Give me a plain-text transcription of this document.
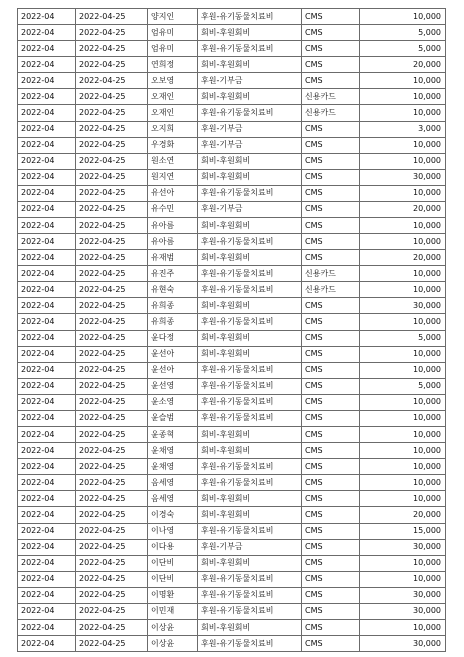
2022-04	2022-04-25	양지인	후원-유기동물치료비	CMS	10,000
2022-04	2022-04-25	엄유미	회비-후원회비	CMS	5,000
2022-04	2022-04-25	엄유미	후원-유기동물치료비	CMS	5,000
2022-04	2022-04-25	연희정	회비-후원회비	CMS	20,000
2022-04	2022-04-25	오보영	후원-기부금	CMS	10,000
2022-04	2022-04-25	오재인	회비-후원회비	신용카드	10,000
2022-04	2022-04-25	오재인	후원-유기동물치료비	신용카드	10,000
2022-04	2022-04-25	오지희	후원-기부금	CMS	3,000
2022-04	2022-04-25	우경화	후원-기부금	CMS	10,000
2022-04	2022-04-25	원소연	회비-후원회비	CMS	10,000
2022-04	2022-04-25	원지연	회비-후원회비	CMS	30,000
2022-04	2022-04-25	유선아	후원-유기동물치료비	CMS	10,000
2022-04	2022-04-25	유수민	후원-기부금	CMS	20,000
2022-04	2022-04-25	유아름	회비-후원회비	CMS	10,000
2022-04	2022-04-25	유아름	후원-유기동물치료비	CMS	10,000
2022-04	2022-04-25	유재범	회비-후원회비	CMS	20,000
2022-04	2022-04-25	유진주	후원-유기동물치료비	신용카드	10,000
2022-04	2022-04-25	유현숙	후원-유기동물치료비	신용카드	10,000
2022-04	2022-04-25	유희종	회비-후원회비	CMS	30,000
2022-04	2022-04-25	유희종	후원-유기동물치료비	CMS	10,000
2022-04	2022-04-25	윤다정	회비-후원회비	CMS	5,000
2022-04	2022-04-25	윤선아	회비-후원회비	CMS	10,000
2022-04	2022-04-25	윤선아	후원-유기동물치료비	CMS	10,000
2022-04	2022-04-25	윤선영	후원-유기동물치료비	CMS	5,000
2022-04	2022-04-25	윤소영	후원-유기동물치료비	CMS	10,000
2022-04	2022-04-25	윤슬범	후원-유기동물치료비	CMS	10,000
2022-04	2022-04-25	윤종혁	회비-후원회비	CMS	10,000
2022-04	2022-04-25	윤채영	회비-후원회비	CMS	10,000
2022-04	2022-04-25	윤채영	후원-유기동물치료비	CMS	10,000
2022-04	2022-04-25	음세영	후원-유기동물치료비	CMS	10,000
2022-04	2022-04-25	음세영	회비-후원회비	CMS	10,000
2022-04	2022-04-25	이경숙	회비-후원회비	CMS	20,000
2022-04	2022-04-25	이나영	후원-유기동물치료비	CMS	15,000
2022-04	2022-04-25	이다용	후원-기부금	CMS	30,000
2022-04	2022-04-25	이단비	회비-후원회비	CMS	10,000
2022-04	2022-04-25	이단비	후원-유기동물치료비	CMS	10,000
2022-04	2022-04-25	이명환	후원-유기동물치료비	CMS	30,000
2022-04	2022-04-25	이민재	후원-유기동물치료비	CMS	30,000
2022-04	2022-04-25	이상윤	회비-후원회비	CMS	10,000
2022-04	2022-04-25	이상윤	후원-유기동물치료비	CMS	30,000
